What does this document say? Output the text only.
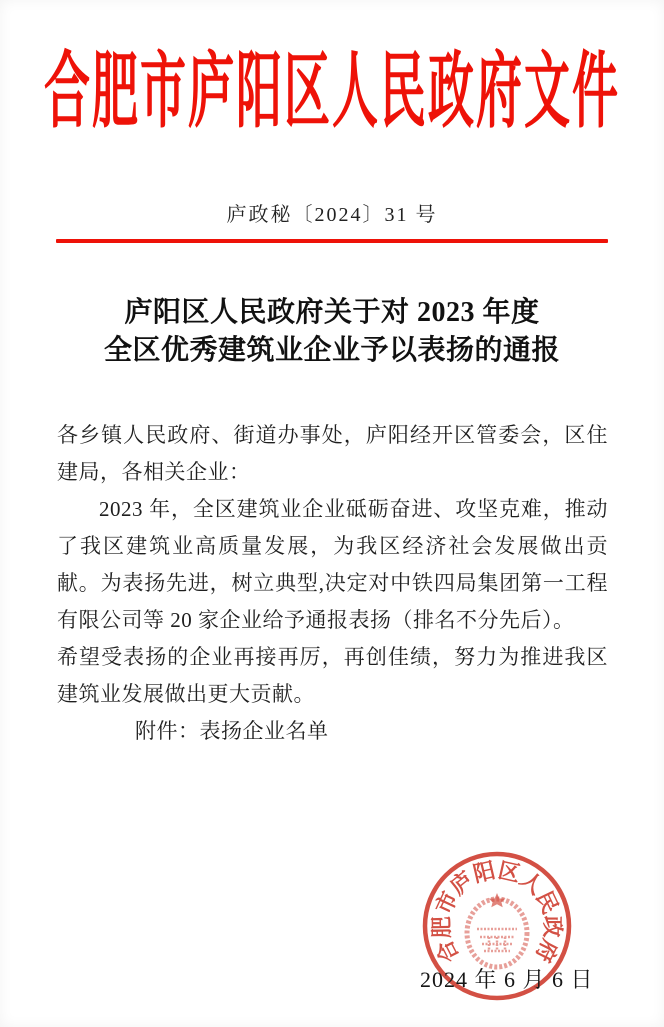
合肥市庐阳区人民政府文件
庐政秘〔2024〕31 号
庐阳区人民政府关于对 2023 年度
全区优秀建筑业企业予以表扬的通报

各乡镇人民政府、街道办事处，庐阳经开区管委会，区住建局，各相关企业：

2023 年，全区建筑业企业砥砺奋进、攻坚克难，推动了我区建筑业高质量发展，为我区经济社会发展做出贡献。为表扬先进，树立典型,决定对中铁四局集团第一工程有限公司等 20 家企业给予通报表扬（排名不分先后）。

希望受表扬的企业再接再厉，再创佳绩，努力为推进我区建筑业发展做出更大贡献。

附件：表扬企业名单

合肥市庐阳区人民政府
2024 年 6 月 6 日
